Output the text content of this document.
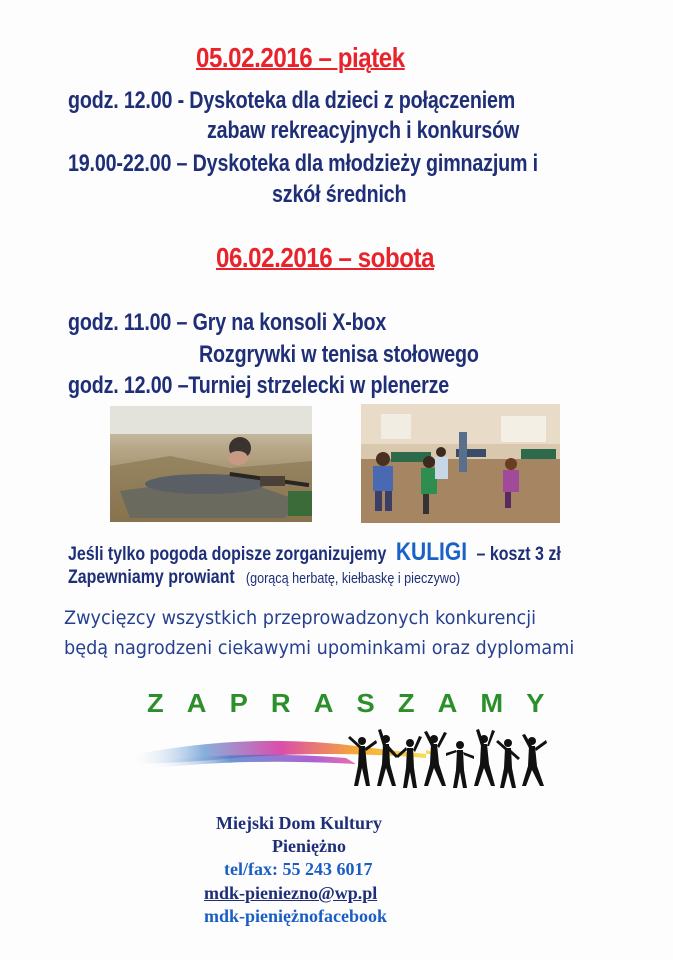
05.02.2016 – piątek
godz. 12.00 - Dyskoteka dla dzieci z połączeniem
zabaw rekreacyjnych i konkursów
19.00-22.00 – Dyskoteka dla młodzieży gimnazjum i
szkół średnich
06.02.2016 – sobota
godz. 11.00 – Gry na konsoli X-box
Rozgrywki w tenisa stołowego
godz. 12.00 –Turniej strzelecki w plenerze
Jeśli tylko pogoda dopisze zorganizujemy KULIGI – koszt 3 zł
Zapewniamy prowiant (gorącą herbatę, kiełbaskę i pieczywo)
Zwycięzcy wszystkich przeprowadzonych konkurencji
będą nagrodzeni ciekawymi upominkami oraz dyplomami
ZAPRASZAMY
Miejski Dom Kultury
Pieniężno
tel/fax: 55 243 6017
mdk-pieniezno@wp.pl
mdk-pieniężnofacebook
